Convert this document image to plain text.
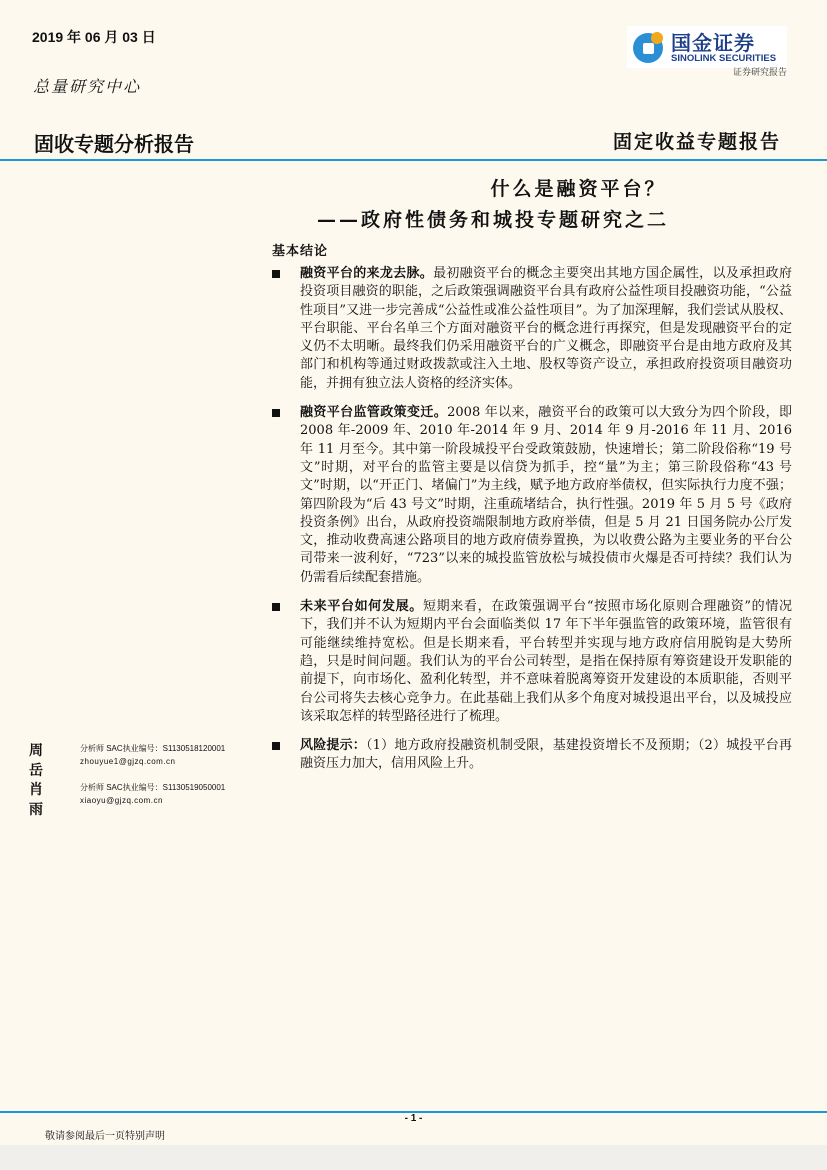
2019 年 06 月 03 日
总量研究中心
固收专题分析报告	固定收益专题报告
国金证券
SINOLINK SECURITIES
证券研究报告
什么是融资平台？
——政府性债务和城投专题研究之二
基本结论
融资平台的来龙去脉。最初融资平台的概念主要突出其地方国企属性，以及承担政府投资项目融资的职能，之后政策强调融资平台具有政府公益性项目投融资功能，“公益性项目”又进一步完善成“公益性或准公益性项目”。为了加深理解，我们尝试从股权、平台职能、平台名单三个方面对融资平台的概念进行再探究，但是发现融资平台的定义仍不太明晰。最终我们仍采用融资平台的广义概念，即融资平台是由地方政府及其部门和机构等通过财政拨款或注入土地、股权等资产设立，承担政府投资项目融资功能，并拥有独立法人资格的经济实体。
融资平台监管政策变迁。2008 年以来，融资平台的政策可以大致分为四个阶段，即 2008 年-2009 年、2010 年-2014 年 9 月、2014 年 9 月-2016 年 11 月、2016 年 11 月至今。其中第一阶段城投平台受政策鼓励，快速增长；第二阶段俗称“19 号文”时期，对平台的监管主要是以信贷为抓手，控“量”为主；第三阶段俗称“43 号文”时期，以“开正门、堵偏门”为主线，赋予地方政府举债权，但实际执行力度不强；第四阶段为“后 43 号文”时期，注重疏堵结合，执行性强。2019 年 5 月 5 号《政府投资条例》出台，从政府投资端限制地方政府举债，但是 5 月 21 日国务院办公厅发文，推动收费高速公路项目的地方政府债券置换，为以收费公路为主要业务的平台公司带来一波利好，“723”以来的城投监管放松与城投债市火爆是否可持续？我们认为仍需看后续配套措施。
未来平台如何发展。短期来看，在政策强调平台“按照市场化原则合理融资”的情况下，我们并不认为短期内平台会面临类似 17 年下半年强监管的政策环境，监管很有可能继续维持宽松。但是长期来看，平台转型并实现与地方政府信用脱钩是大势所趋，只是时间问题。我们认为的平台公司转型，是指在保持原有筹资建设开发职能的前提下，向市场化、盈利化转型，并不意味着脱离筹资开发建设的本质职能，否则平台公司将失去核心竞争力。在此基础上我们从多个角度对城投退出平台，以及城投应该采取怎样的转型路径进行了梳理。
风险提示：（1）地方政府投融资机制受限，基建投资增长不及预期；（2）城投平台再融资压力加大，信用风险上升。
周岳
分析师 SAC执业编号：S1130518120001
zhouyue1@gjzq.com.cn
肖雨
分析师 SAC执业编号：S1130519050001
xiaoyu@gjzq.com.cn
- 1 -
敬请参阅最后一页特别声明
